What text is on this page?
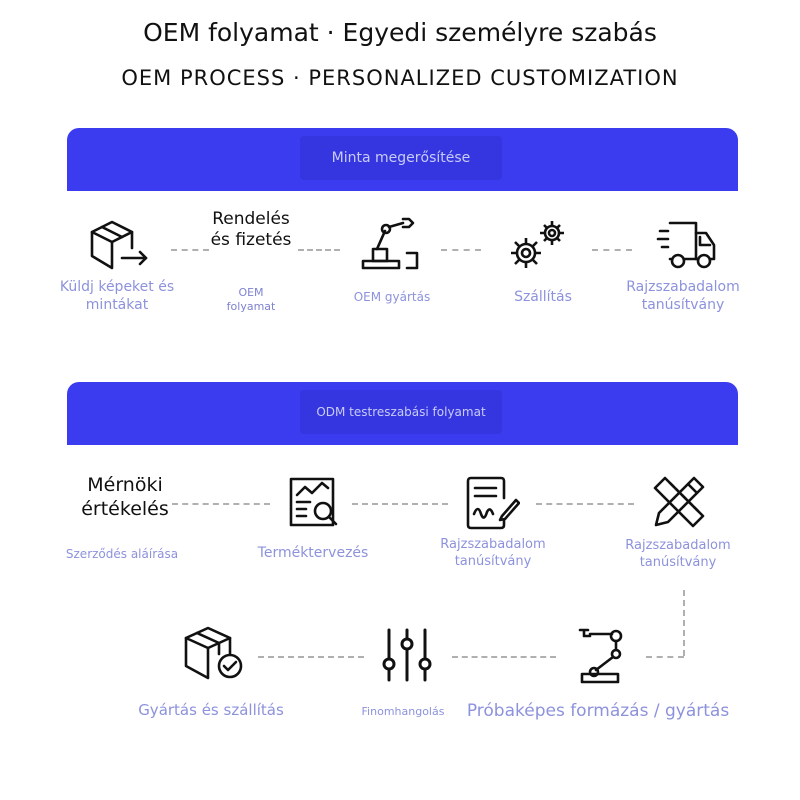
OEM folyamat · Egyedi személyre szabás
OEM PROCESS · PERSONALIZED CUSTOMIZATION
Minta megerősítése
Rendelés és fizetés
Küldj képeket és mintákat
OEM folyamat
OEM gyártás	Szállítás
Rajzszabadalom tanúsítvány
ODM testreszabási folyamat
Mérnöki értékelés
Szerződés aláírása	Terméktervezés
Rajzszabadalom tanúsítvány
Rajzszabadalom tanúsítvány
Gyártás és szállítás	Finomhangolás	Próbaképes formázás / gyártás
